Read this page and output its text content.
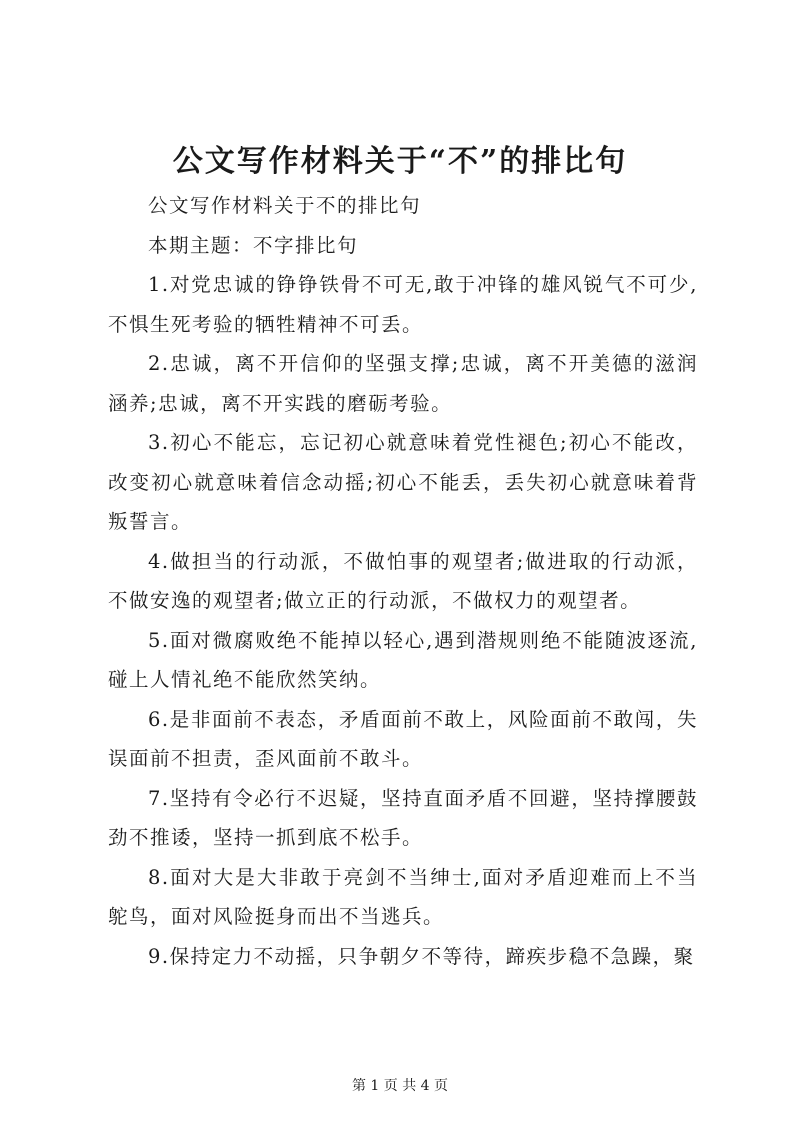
公文写作材料关于“不”的排比句

公文写作材料关于不的排比句

本期主题：不字排比句

1.对党忠诚的铮铮铁骨不可无,敢于冲锋的雄风锐气不可少,不惧生死考验的牺牲精神不可丢。

2.忠诚，离不开信仰的坚强支撑;忠诚，离不开美德的滋润涵养;忠诚，离不开实践的磨砺考验。

3.初心不能忘，忘记初心就意味着党性褪色;初心不能改，改变初心就意味着信念动摇;初心不能丢，丢失初心就意味着背叛誓言。

4.做担当的行动派，不做怕事的观望者;做进取的行动派，不做安逸的观望者;做立正的行动派，不做权力的观望者。

5.面对微腐败绝不能掉以轻心,遇到潜规则绝不能随波逐流,碰上人情礼绝不能欣然笑纳。

6.是非面前不表态，矛盾面前不敢上，风险面前不敢闯，失误面前不担责，歪风面前不敢斗。

7.坚持有令必行不迟疑，坚持直面矛盾不回避，坚持撑腰鼓劲不推诿，坚持一抓到底不松手。

8.面对大是大非敢于亮剑不当绅士,面对矛盾迎难而上不当鸵鸟，面对风险挺身而出不当逃兵。

9.保持定力不动摇，只争朝夕不等待，蹄疾步稳不急躁，聚

第 1 页 共 4 页
